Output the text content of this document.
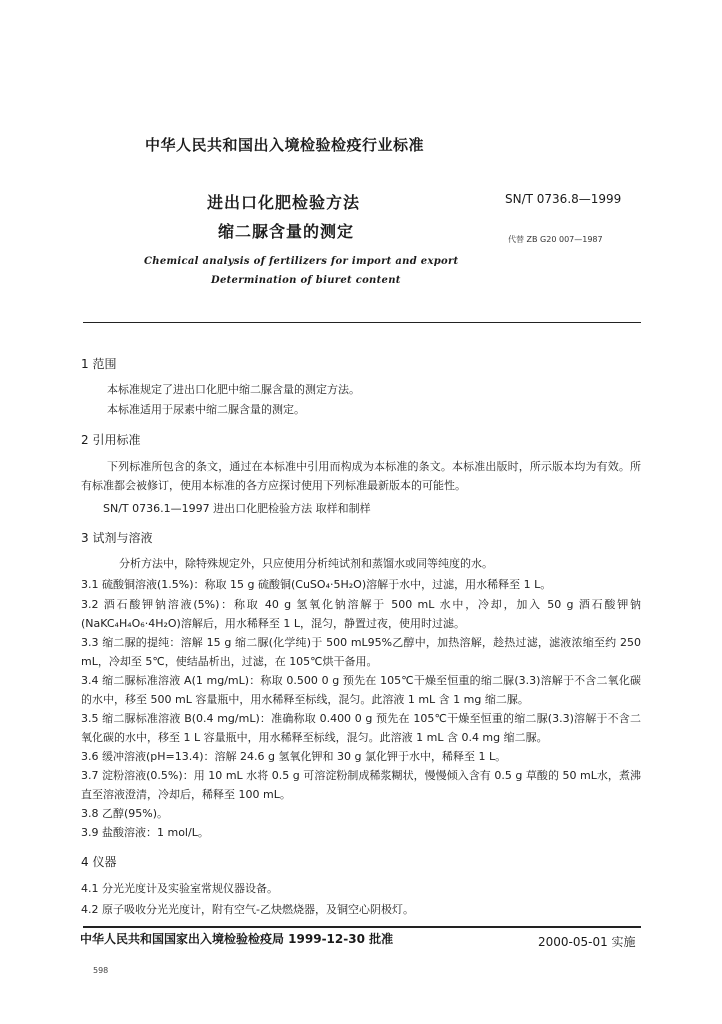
中华人民共和国出入境检验检疫行业标准
进出口化肥检验方法
缩二脲含量的测定
SN/T 0736.8—1999
代替 ZB G20 007—1987
Chemical analysis of fertilizers for import and export
Determination of biuret content
1 范围
本标准规定了进出口化肥中缩二脲含量的测定方法。
本标准适用于尿素中缩二脲含量的测定。
2 引用标准
下列标准所包含的条文，通过在本标准中引用而构成为本标准的条文。本标准出版时，所示版本均为有效。所有标准都会被修订，使用本标准的各方应探讨使用下列标准最新版本的可能性。
SN/T 0736.1—1997 进出口化肥检验方法 取样和制样
3 试剂与溶液
分析方法中，除特殊规定外，只应使用分析纯试剂和蒸馏水或同等纯度的水。
3.1 硫酸铜溶液(1.5%)：称取 15 g 硫酸铜(CuSO₄·5H₂O)溶解于水中，过滤，用水稀释至 1 L。
3.2 酒石酸钾钠溶液(5%)：称取 40 g 氢氧化钠溶解于 500 mL 水中，冷却，加入 50 g 酒石酸钾钠(NaKC₄H₄O₆·4H₂O)溶解后，用水稀释至 1 L，混匀，静置过夜，使用时过滤。
3.3 缩二脲的提纯：溶解 15 g 缩二脲(化学纯)于 500 mL95%乙醇中，加热溶解，趁热过滤，滤液浓缩至约 250 mL，冷却至 5℃，使结晶析出，过滤，在 105℃烘干备用。
3.4 缩二脲标准溶液 A(1 mg/mL)：称取 0.500 0 g 预先在 105℃干燥至恒重的缩二脲(3.3)溶解于不含二氧化碳的水中，移至 500 mL 容量瓶中，用水稀释至标线，混匀。此溶液 1 mL 含 1 mg 缩二脲。
3.5 缩二脲标准溶液 B(0.4 mg/mL)：准确称取 0.400 0 g 预先在 105℃干燥至恒重的缩二脲(3.3)溶解于不含二氧化碳的水中，移至 1 L 容量瓶中，用水稀释至标线，混匀。此溶液 1 mL 含 0.4 mg 缩二脲。
3.6 缓冲溶液(pH=13.4)：溶解 24.6 g 氢氧化钾和 30 g 氯化钾于水中，稀释至 1 L。
3.7 淀粉溶液(0.5%)：用 10 mL 水将 0.5 g 可溶淀粉制成稀浆糊状，慢慢倾入含有 0.5 g 草酸的 50 mL水，煮沸直至溶液澄清，冷却后，稀释至 100 mL。
3.8 乙醇(95%)。
3.9 盐酸溶液：1 mol/L。
4 仪器
4.1 分光光度计及实验室常规仪器设备。
4.2 原子吸收分光光度计，附有空气-乙炔燃烧器，及铜空心阴极灯。
中华人民共和国国家出入境检验检疫局 1999-12-30 批准	2000-05-01 实施
598
